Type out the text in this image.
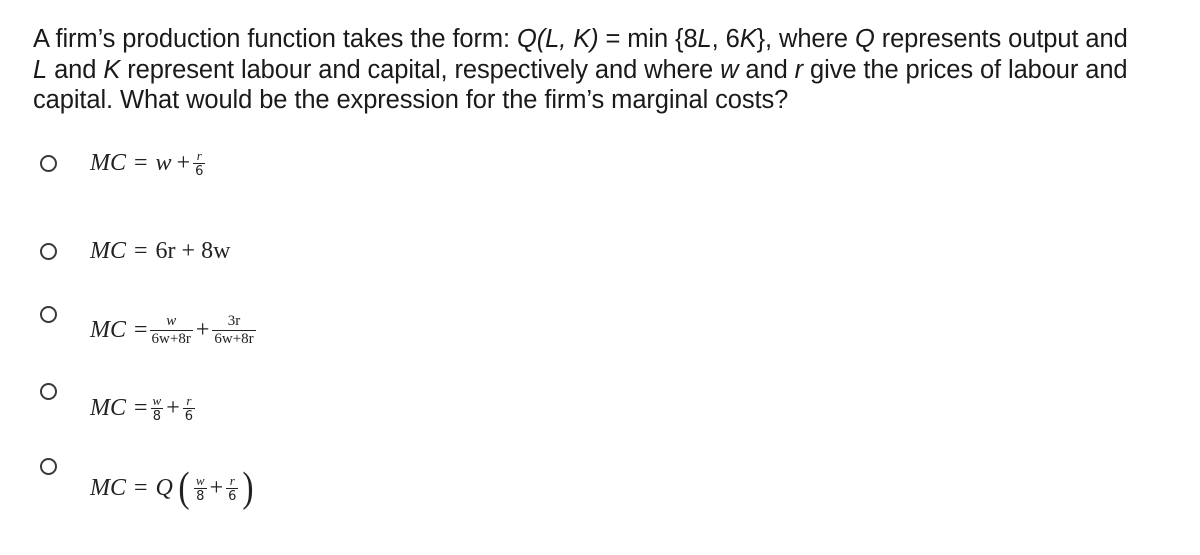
A firm’s production function takes the form: Q(L, K) = min {8L, 6K}, where Q represents output and
L and K represent labour and capital, respectively and where w and r give the prices of labour and
capital. What would be the expression for the firm’s marginal costs?
MC = $w + \frac{r}{6}$
MC = 6r + 8w
MC = $\frac{w}{6w+8r} + \frac{3r}{6w+8r}$
MC = $\frac{w}{8} + \frac{r}{6}$
MC = Q ( $\frac{w}{8} + \frac{r}{6}$ )
